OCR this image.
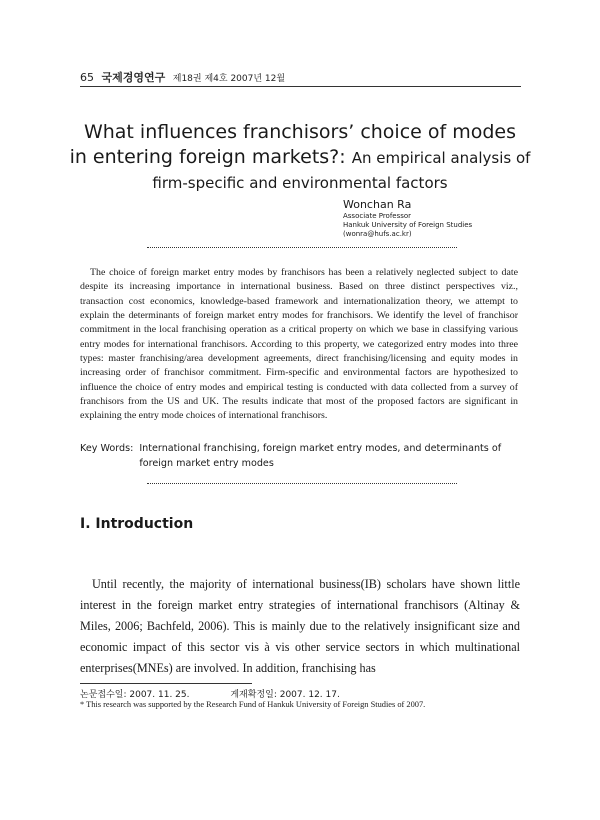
65 국제경영연구 제18권 제4호 2007년 12월
What influences franchisors’ choice of modes
in entering foreign markets?: An empirical analysis of
firm-specific and environmental factors
Wonchan Ra
Associate Professor
Hankuk University of Foreign Studies
(wonra@hufs.ac.kr)

The choice of foreign market entry modes by franchisors has been a relatively neglected subject to date despite its increasing importance in international business. Based on three distinct perspectives viz., transaction cost economics, knowledge-based framework and internationalization theory, we attempt to explain the determinants of foreign market entry modes for franchisors. We identify the level of franchisor commitment in the local franchising operation as a critical property on which we base in classifying various entry modes for international franchisors. According to this property, we categorized entry modes into three types: master franchising/area development agreements, direct franchising/licensing and equity modes in increasing order of franchisor commitment. Firm-specific and environmental factors are hypothesized to influence the choice of entry modes and empirical testing is conducted with data collected from a survey of franchisors from the US and UK. The results indicate that most of the proposed factors are significant in explaining the entry mode choices of international franchisors.

Key Words: International franchising, foreign market entry modes, and determinants of foreign market entry modes
Ⅰ. Introduction

Until recently, the majority of international business(IB) scholars have shown little interest in the foreign market entry strategies of international franchisors (Altinay & Miles, 2006; Bachfeld, 2006). This is mainly due to the relatively insignificant size and economic impact of this sector vis à vis other service sectors in which multinational enterprises(MNEs) are involved. In addition, franchising has

논문접수일: 2007. 11. 25.	게재확정일: 2007. 12. 17.
* This research was supported by the Research Fund of Hankuk University of Foreign Studies of 2007.
